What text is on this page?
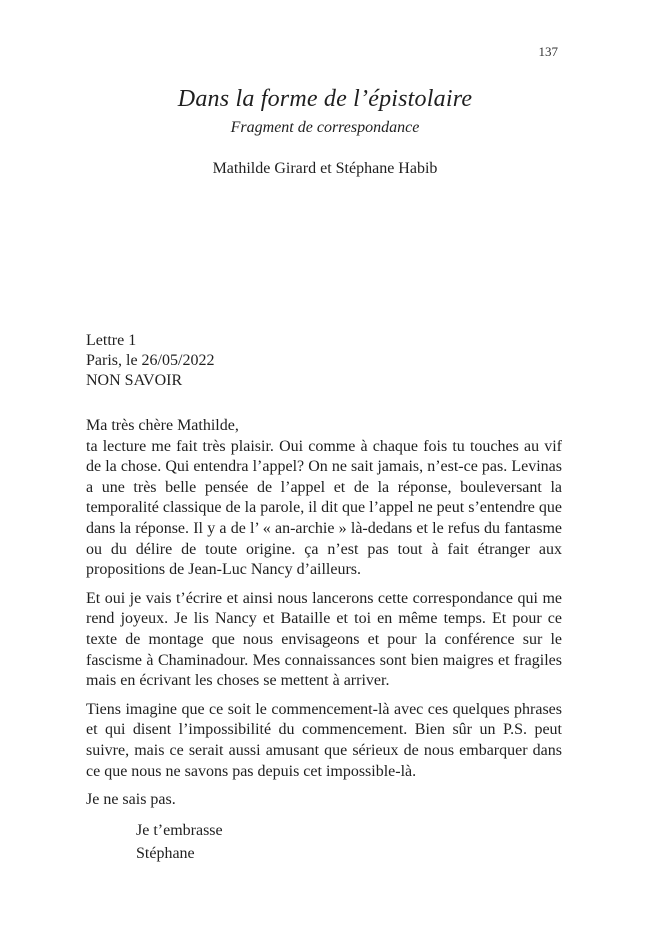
137
Dans la forme de l’épistolaire
Fragment de correspondance
Mathilde Girard et Stéphane Habib
Lettre 1
Paris, le 26/05/2022
NON SAVOIR

Ma très chère Mathilde,

ta lecture me fait très plaisir. Oui comme à chaque fois tu touches au vif de la chose. Qui entendra l’appel? On ne sait jamais, n’est-ce pas. Levinas a une très belle pensée de l’appel et de la réponse, bouleversant la temporalité classique de la parole, il dit que l’appel ne peut s’entendre que dans la réponse. Il y a de l’ « an-archie » là-dedans et le refus du fantasme ou du délire de toute origine. ça n’est pas tout à fait étranger aux propositions de Jean-Luc Nancy d’ailleurs.

Et oui je vais t’écrire et ainsi nous lancerons cette correspondance qui me rend joyeux. Je lis Nancy et Bataille et toi en même temps. Et pour ce texte de montage que nous envisageons et pour la conférence sur le fascisme à Chaminadour. Mes connaissances sont bien maigres et fragiles mais en écrivant les choses se mettent à arriver.

Tiens imagine que ce soit le commencement-là avec ces quelques phrases et qui disent l’impossibilité du commencement. Bien sûr un P.S. peut suivre, mais ce serait aussi amusant que sérieux de nous embarquer dans ce que nous ne savons pas depuis cet impossible-là.

Je ne sais pas.

Je t’embrasse
Stéphane
